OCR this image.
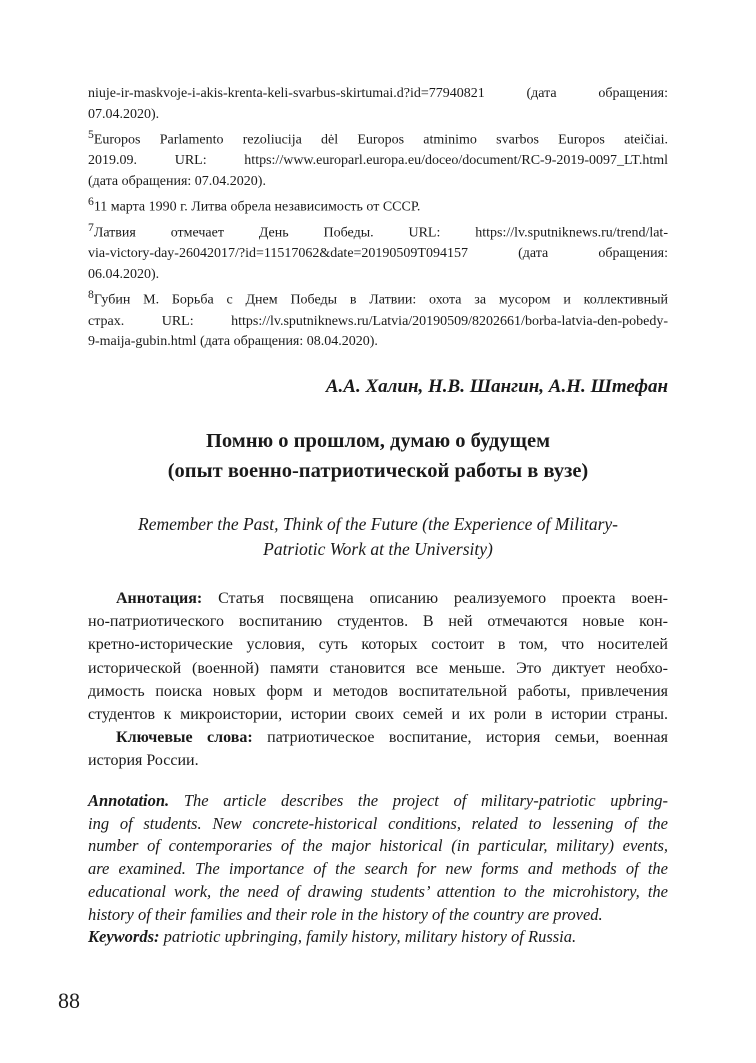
niuje-ir-maskvoje-i-akis-krenta-keli-svarbus-skirtumai.d?id=77940821 (дата обращения:
07.04.2020).
$^5$Europos Parlamento rezoliucija dėl Europos atminimo svarbos Europos ateičiai.
2019.09. URL: https://www.europarl.europa.eu/doceo/document/RC-9-2019-0097_LT.html
(дата обращения: 07.04.2020).
$^6$11 марта 1990 г. Литва обрела независимость от СССР.
$^7$Латвия отмечает День Победы. URL: https://lv.sputniknews.ru/trend/lat-
via-victory-day-26042017/?id=11517062&date=20190509T094157 (дата обращения:
06.04.2020).
$^8$Губин М. Борьба с Днем Победы в Латвии: охота за мусором и коллективный
страх. URL: https://lv.sputniknews.ru/Latvia/20190509/8202661/borba-latvia-den-pobedy-
9-maija-gubin.html (дата обращения: 08.04.2020).
А.А. Халин, Н.В. Шангин, А.Н. Штефан
Помню о прошлом, думаю о будущем
(опыт военно-патриотической работы в вузе)
Remember the Past, Think of the Future (the Experience of Military-
Patriotic Work at the University)
Аннотация: Статья посвящена описанию реализуемого проекта воен-
но-патриотического воспитанию студентов. В ней отмечаются новые кон-
кретно-исторические условия, суть которых состоит в том, что носителей
исторической (военной) памяти становится все меньше. Это диктует необхо-
димость поиска новых форм и методов воспитательной работы, привлечения
студентов к микроистории, истории своих семей и их роли в истории страны.
Ключевые слова: патриотическое воспитание, история семьи, военная
история России.
Annotation. The article describes the project of military-patriotic upbring-
ing of students. New concrete-historical conditions, related to lessening of the
number of contemporaries of the major historical (in particular, military) events,
are examined. The importance of the search for new forms and methods of the
educational work, the need of drawing students’ attention to the microhistory, the
history of their families and their role in the history of the country are proved.
Keywords: patriotic upbringing, family history, military history of Russia.
88
